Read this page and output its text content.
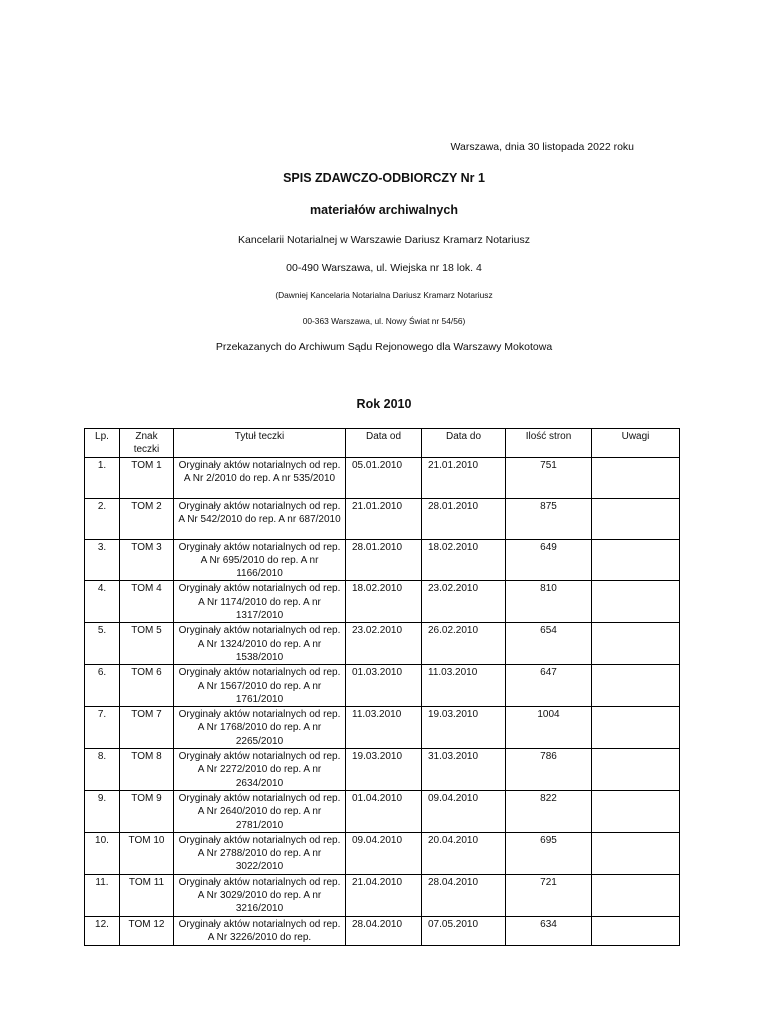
Warszawa, dnia 30 listopada 2022 roku
SPIS ZDAWCZO-ODBIORCZY Nr 1
materiałów archiwalnych
Kancelarii Notarialnej w Warszawie Dariusz Kramarz Notariusz
00-490 Warszawa, ul. Wiejska nr 18 lok. 4
(Dawniej Kancelaria Notarialna Dariusz Kramarz Notariusz
00-363 Warszawa, ul. Nowy Świat nr 54/56)
Przekazanych do Archiwum Sądu Rejonowego dla Warszawy Mokotowa
Rok 2010
Lp.	Znak teczki	Tytuł teczki	Data od	Data do	Ilość stron	Uwagi
1.	TOM 1	Oryginały aktów notarialnych od rep. A Nr 2/2010 do rep. A nr 535/2010	05.01.2010	21.01.2010	751	
2.	TOM 2	Oryginały aktów notarialnych od rep. A Nr 542/2010 do rep. A nr 687/2010	21.01.2010	28.01.2010	875	
3.	TOM 3	Oryginały aktów notarialnych od rep. A Nr 695/2010 do rep. A nr 1166/2010	28.01.2010	18.02.2010	649	
4.	TOM 4	Oryginały aktów notarialnych od rep. A Nr 1174/2010 do rep. A nr 1317/2010	18.02.2010	23.02.2010	810	
5.	TOM 5	Oryginały aktów notarialnych od rep. A Nr 1324/2010 do rep. A nr 1538/2010	23.02.2010	26.02.2010	654	
6.	TOM 6	Oryginały aktów notarialnych od rep. A Nr 1567/2010 do rep. A nr 1761/2010	01.03.2010	11.03.2010	647	
7.	TOM 7	Oryginały aktów notarialnych od rep. A Nr 1768/2010 do rep. A nr 2265/2010	11.03.2010	19.03.2010	1004	
8.	TOM 8	Oryginały aktów notarialnych od rep. A Nr 2272/2010 do rep. A nr 2634/2010	19.03.2010	31.03.2010	786	
9.	TOM 9	Oryginały aktów notarialnych od rep. A Nr 2640/2010 do rep. A nr 2781/2010	01.04.2010	09.04.2010	822	
10.	TOM 10	Oryginały aktów notarialnych od rep. A Nr 2788/2010 do rep. A nr 3022/2010	09.04.2010	20.04.2010	695	
11.	TOM 11	Oryginały aktów notarialnych od rep. A Nr 3029/2010 do rep. A nr 3216/2010	21.04.2010	28.04.2010	721	
12.	TOM 12	Oryginały aktów notarialnych od rep. A Nr 3226/2010 do rep.	28.04.2010	07.05.2010	634	
